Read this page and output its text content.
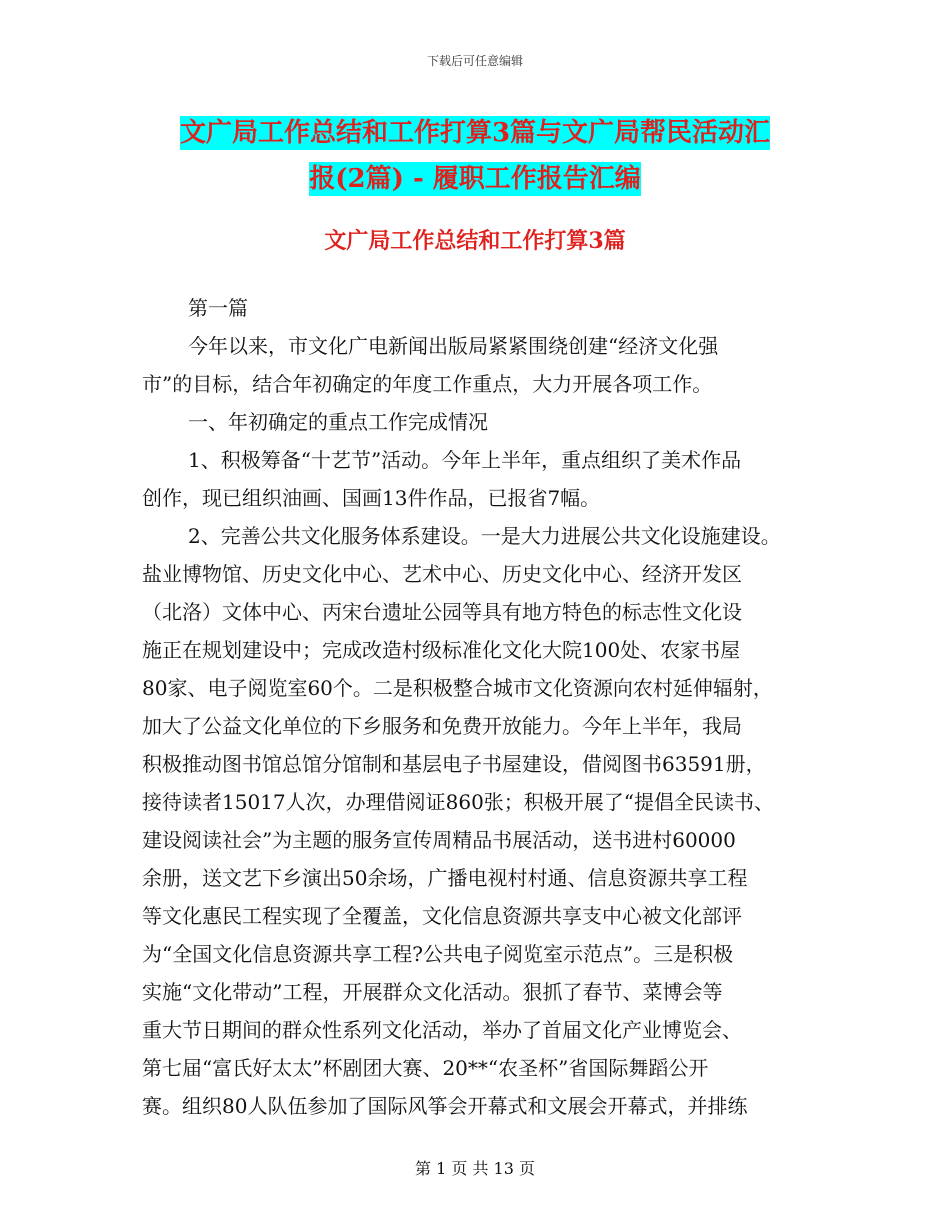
下载后可任意编辑
文广局工作总结和工作打算3篇与文广局帮民活动汇
报(2篇) - 履职工作报告汇编
文广局工作总结和工作打算3篇
第一篇
今年以来，市文化广电新闻出版局紧紧围绕创建“经济文化强
市”的目标，结合年初确定的年度工作重点，大力开展各项工作。
一、年初确定的重点工作完成情况
1、积极筹备“十艺节”活动。今年上半年，重点组织了美术作品
创作，现已组织油画、国画13件作品，已报省7幅。
2、完善公共文化服务体系建设。一是大力进展公共文化设施建设。
盐业博物馆、历史文化中心、艺术中心、历史文化中心、经济开发区
（北洛）文体中心、丙宋台遗址公园等具有地方特色的标志性文化设
施正在规划建设中；完成改造村级标准化文化大院100处、农家书屋
80家、电子阅览室60个。二是积极整合城市文化资源向农村延伸辐射，
加大了公益文化单位的下乡服务和免费开放能力。今年上半年，我局
积极推动图书馆总馆分馆制和基层电子书屋建设，借阅图书63591册，
接待读者15017人次，办理借阅证860张；积极开展了“提倡全民读书、
建设阅读社会”为主题的服务宣传周精品书展活动，送书进村60000
余册，送文艺下乡演出50余场，广播电视村村通、信息资源共享工程
等文化惠民工程实现了全覆盖，文化信息资源共享支中心被文化部评
为“全国文化信息资源共享工程?公共电子阅览室示范点”。三是积极
实施“文化带动”工程，开展群众文化活动。狠抓了春节、菜博会等
重大节日期间的群众性系列文化活动，举办了首届文化产业博览会、
第七届“富氏好太太”杯剧团大赛、20**“农圣杯”省国际舞蹈公开
赛。组织80人队伍参加了国际风筝会开幕式和文展会开幕式，并排练
第 1 页 共 13 页
